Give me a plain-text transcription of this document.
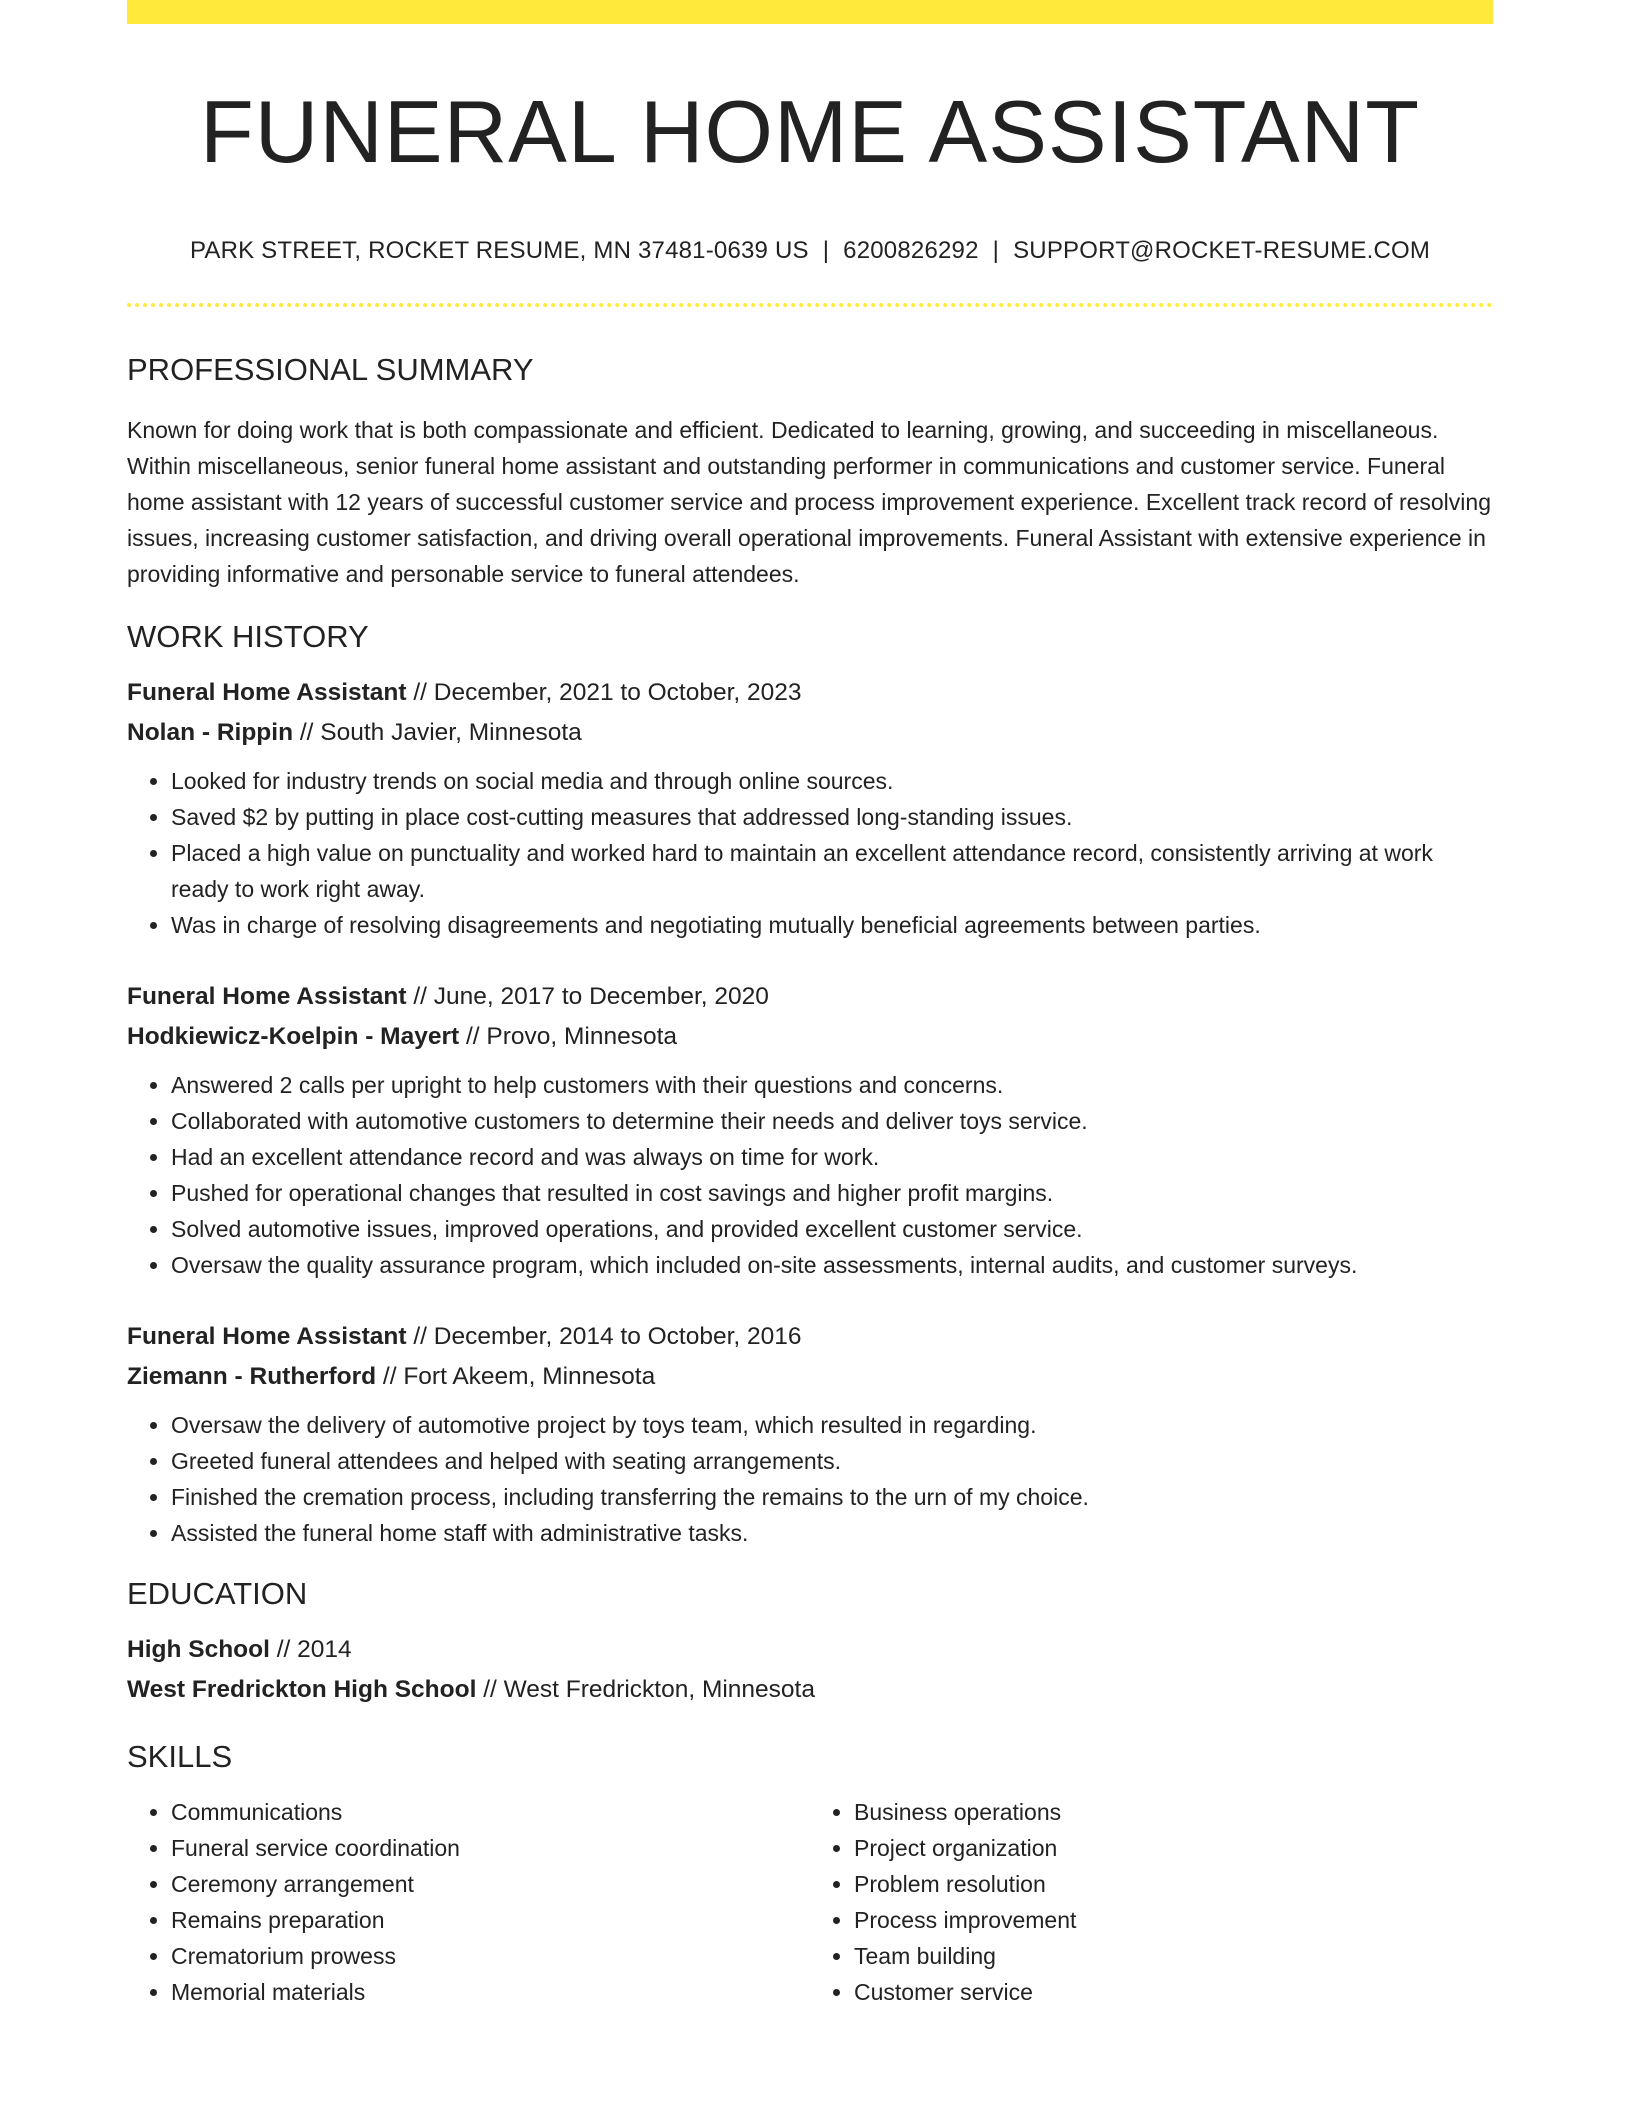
FUNERAL HOME ASSISTANT
PARK STREET, ROCKET RESUME, MN 37481-0639 US | 6200826292 | SUPPORT@ROCKET-RESUME.COM
PROFESSIONAL SUMMARY
Known for doing work that is both compassionate and efficient. Dedicated to learning, growing, and succeeding in miscellaneous. Within miscellaneous, senior funeral home assistant and outstanding performer in communications and customer service. Funeral home assistant with 12 years of successful customer service and process improvement experience. Excellent track record of resolving issues, increasing customer satisfaction, and driving overall operational improvements. Funeral Assistant with extensive experience in providing informative and personable service to funeral attendees.
WORK HISTORY
Funeral Home Assistant // December, 2021 to October, 2023
Nolan - Rippin // South Javier, Minnesota
• Looked for industry trends on social media and through online sources.
• Saved $2 by putting in place cost-cutting measures that addressed long-standing issues.
• Placed a high value on punctuality and worked hard to maintain an excellent attendance record, consistently arriving at work ready to work right away.
• Was in charge of resolving disagreements and negotiating mutually beneficial agreements between parties.
Funeral Home Assistant // June, 2017 to December, 2020
Hodkiewicz-Koelpin - Mayert // Provo, Minnesota
• Answered 2 calls per upright to help customers with their questions and concerns.
• Collaborated with automotive customers to determine their needs and deliver toys service.
• Had an excellent attendance record and was always on time for work.
• Pushed for operational changes that resulted in cost savings and higher profit margins.
• Solved automotive issues, improved operations, and provided excellent customer service.
• Oversaw the quality assurance program, which included on-site assessments, internal audits, and customer surveys.
Funeral Home Assistant // December, 2014 to October, 2016
Ziemann - Rutherford // Fort Akeem, Minnesota
• Oversaw the delivery of automotive project by toys team, which resulted in regarding.
• Greeted funeral attendees and helped with seating arrangements.
• Finished the cremation process, including transferring the remains to the urn of my choice.
• Assisted the funeral home staff with administrative tasks.
EDUCATION
High School // 2014
West Fredrickton High School // West Fredrickton, Minnesota
SKILLS
• Communications
• Funeral service coordination
• Ceremony arrangement
• Remains preparation
• Crematorium prowess
• Memorial materials
• Business operations
• Project organization
• Problem resolution
• Process improvement
• Team building
• Customer service
